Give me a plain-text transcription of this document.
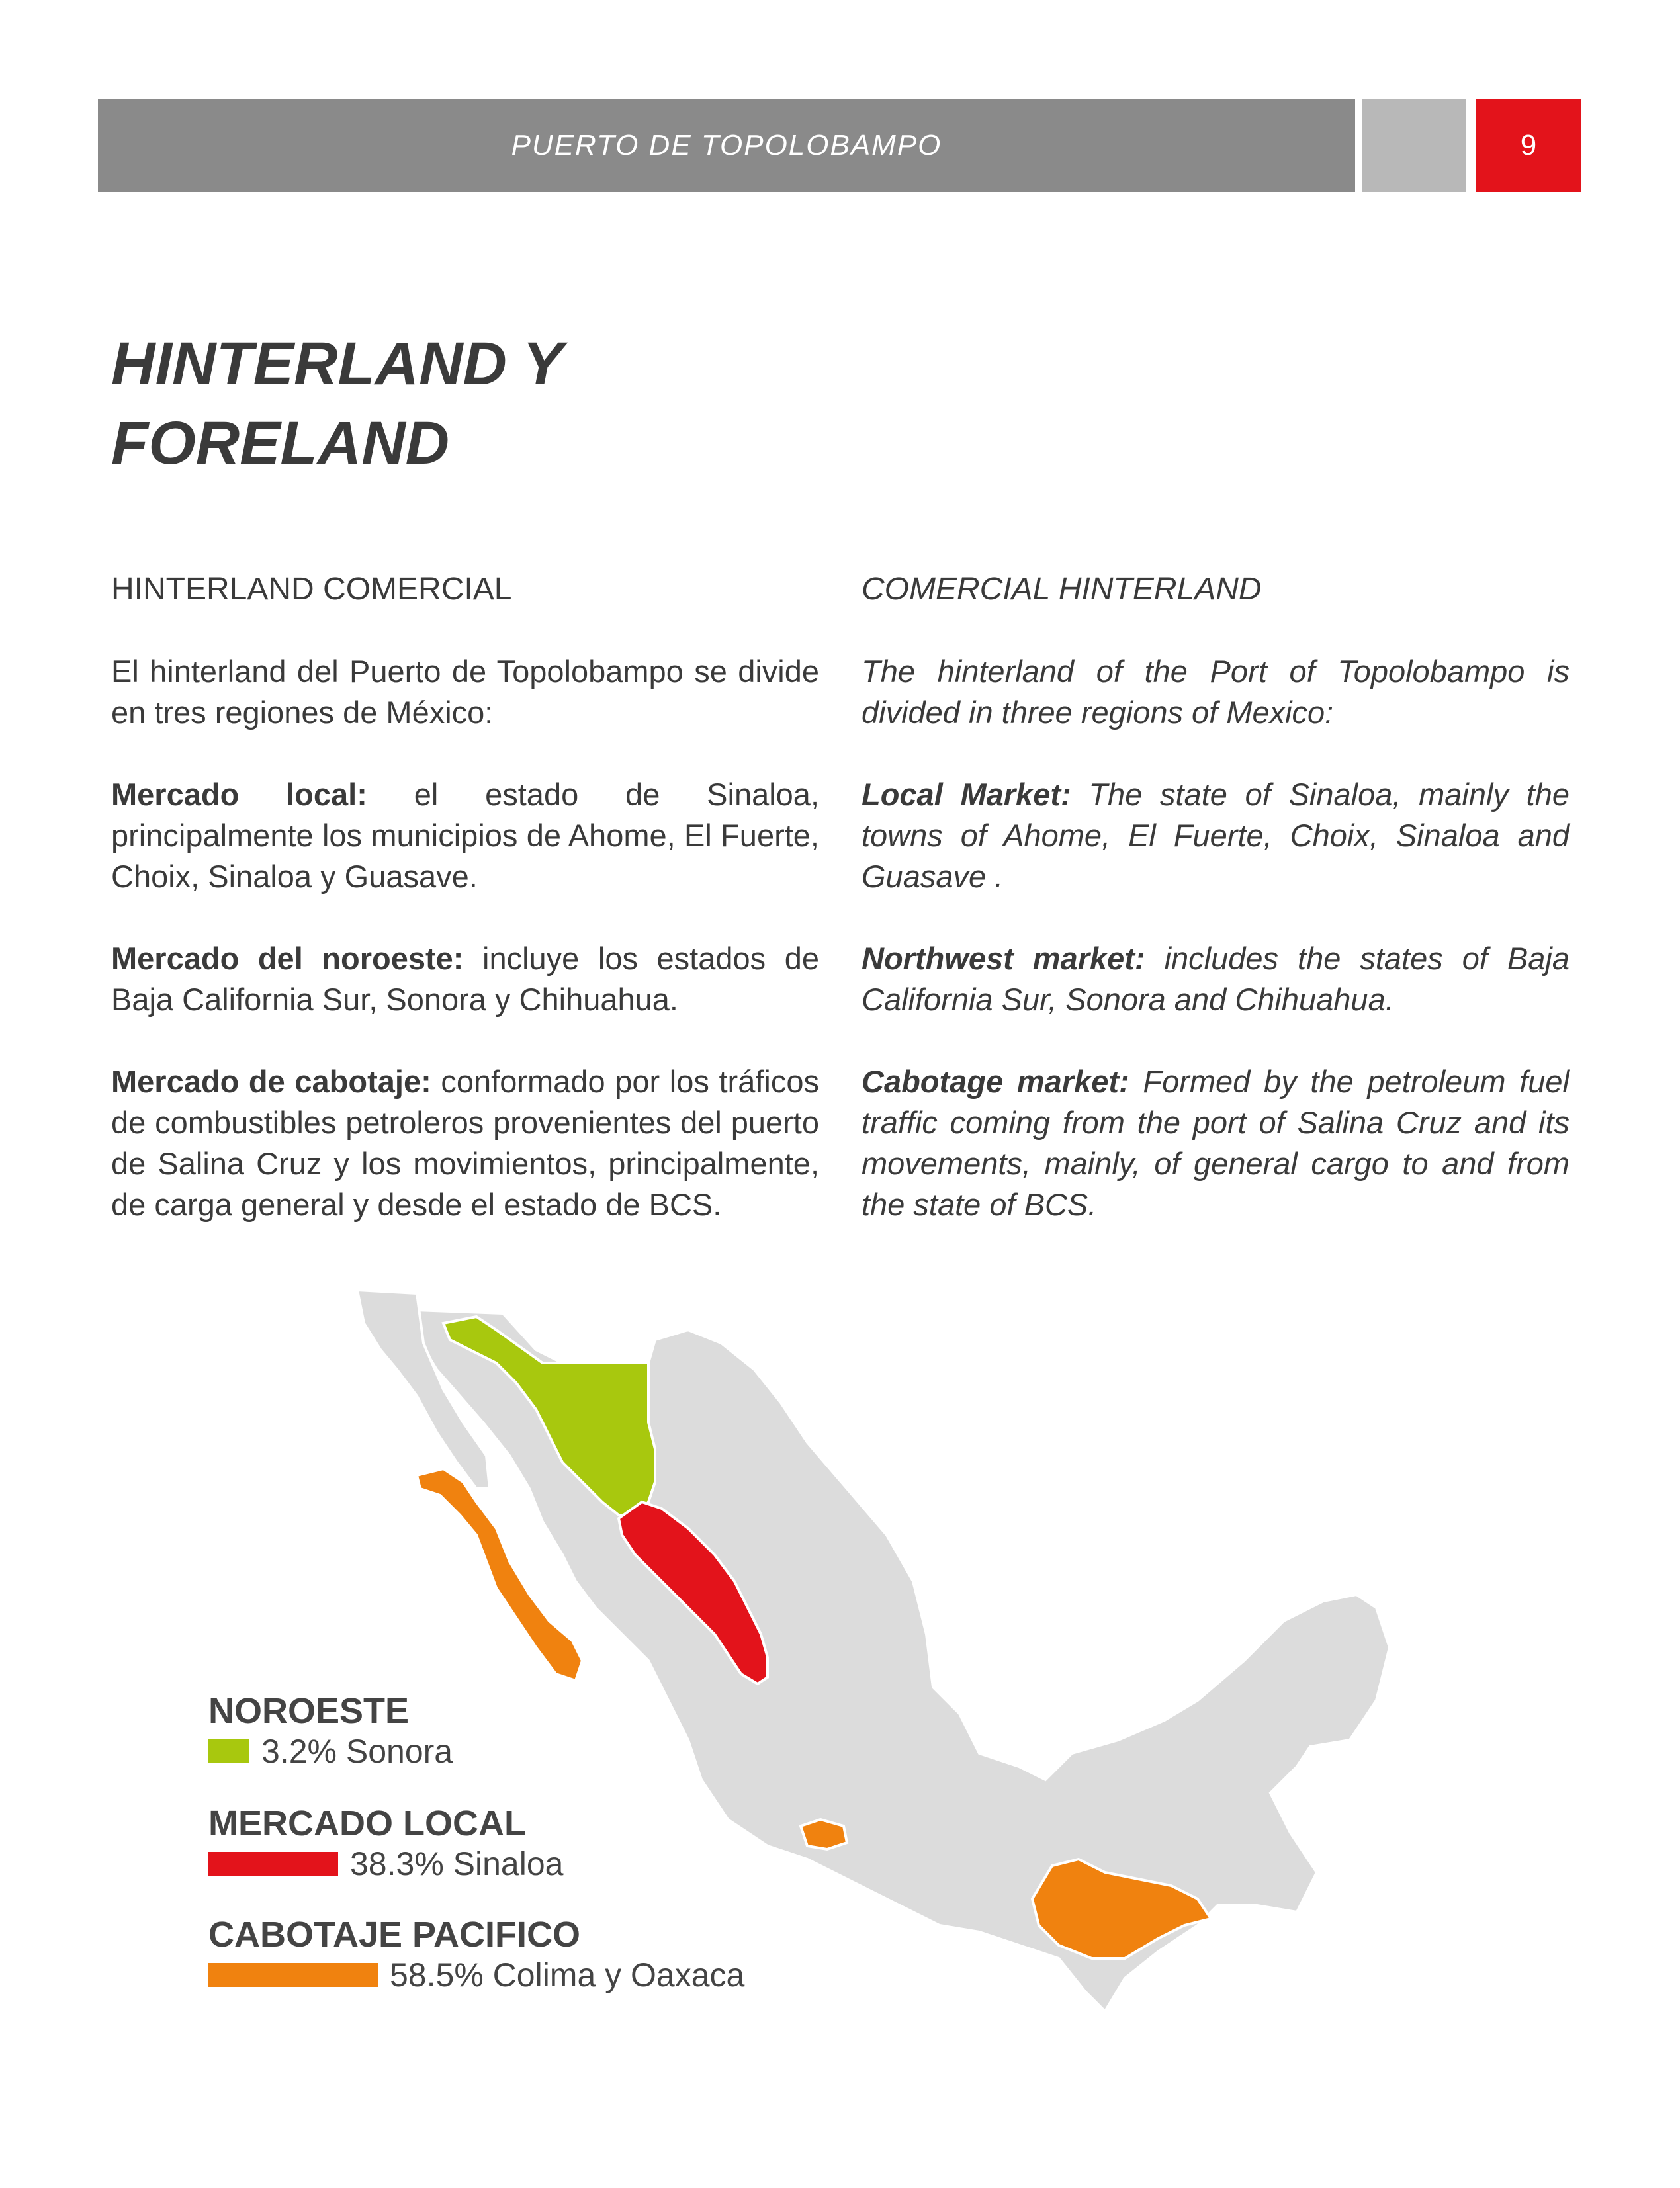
PUERTO DE TOPOLOBAMPO	9
HINTERLAND Y
FORELAND
HINTERLAND COMERCIAL

El hinterland del Puerto de Topolobampo se divide en tres regiones de México:

Mercado local: el estado de Sinaloa, principalmente los municipios de Ahome, El Fuerte, Choix, Sinaloa y Guasave.

Mercado del noroeste: incluye los estados de Baja California Sur, Sonora y Chihuahua.

Mercado de cabotaje: conformado por los tráficos de combustibles petroleros provenientes del puerto de Salina Cruz y los movimientos, principalmente, de carga general y desde el estado de BCS.

COMERCIAL HINTERLAND

The hinterland of the Port of Topolobampo is divided in three regions of Mexico:

Local Market: The state of Sinaloa, mainly the towns of Ahome, El Fuerte, Choix, Sinaloa and Guasave .

Northwest market: includes the states of Baja California Sur, Sonora and Chihuahua.

Cabotage market: Formed by the petroleum fuel traffic coming from the port of Salina Cruz and its movements, mainly, of general cargo to and from the state of BCS.

NOROESTE
3.2% Sonora
MERCADO LOCAL
38.3% Sinaloa
CABOTAJE PACIFICO
58.5% Colima y Oaxaca
